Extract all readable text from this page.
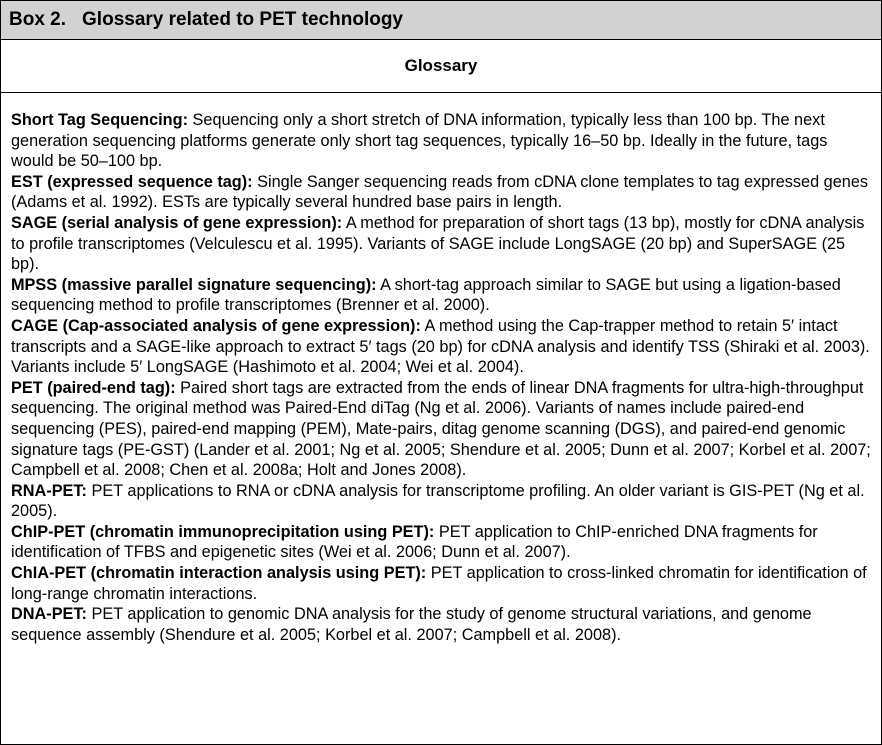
Box 2. Glossary related to PET technology
Glossary

Short Tag Sequencing: Sequencing only a short stretch of DNA information, typically less than 100 bp. The next generation sequencing platforms generate only short tag sequences, typically 16–50 bp. Ideally in the future, tags would be 50–100 bp.

EST (expressed sequence tag): Single Sanger sequencing reads from cDNA clone templates to tag expressed genes (Adams et al. 1992). ESTs are typically several hundred base pairs in length.

SAGE (serial analysis of gene expression): A method for preparation of short tags (13 bp), mostly for cDNA analysis to profile transcriptomes (Velculescu et al. 1995). Variants of SAGE include LongSAGE (20 bp) and SuperSAGE (25 bp).

MPSS (massive parallel signature sequencing): A short-tag approach similar to SAGE but using a ligation-based sequencing method to profile transcriptomes (Brenner et al. 2000).

CAGE (Cap-associated analysis of gene expression): A method using the Cap-trapper method to retain 5′ intact transcripts and a SAGE-like approach to extract 5′ tags (20 bp) for cDNA analysis and identify TSS (Shiraki et al. 2003). Variants include 5′ LongSAGE (Hashimoto et al. 2004; Wei et al. 2004).

PET (paired-end tag): Paired short tags are extracted from the ends of linear DNA fragments for ultra-high-throughput sequencing. The original method was Paired-End diTag (Ng et al. 2006). Variants of names include paired-end sequencing (PES), paired-end mapping (PEM), Mate-pairs, ditag genome scanning (DGS), and paired-end genomic signature tags (PE-GST) (Lander et al. 2001; Ng et al. 2005; Shendure et al. 2005; Dunn et al. 2007; Korbel et al. 2007; Campbell et al. 2008; Chen et al. 2008a; Holt and Jones 2008).

RNA-PET: PET applications to RNA or cDNA analysis for transcriptome profiling. An older variant is GIS-PET (Ng et al. 2005).

ChIP-PET (chromatin immunoprecipitation using PET): PET application to ChIP-enriched DNA fragments for identification of TFBS and epigenetic sites (Wei et al. 2006; Dunn et al. 2007).

ChIA-PET (chromatin interaction analysis using PET): PET application to cross-linked chromatin for identification of long-range chromatin interactions.

DNA-PET: PET application to genomic DNA analysis for the study of genome structural variations, and genome sequence assembly (Shendure et al. 2005; Korbel et al. 2007; Campbell et al. 2008).
